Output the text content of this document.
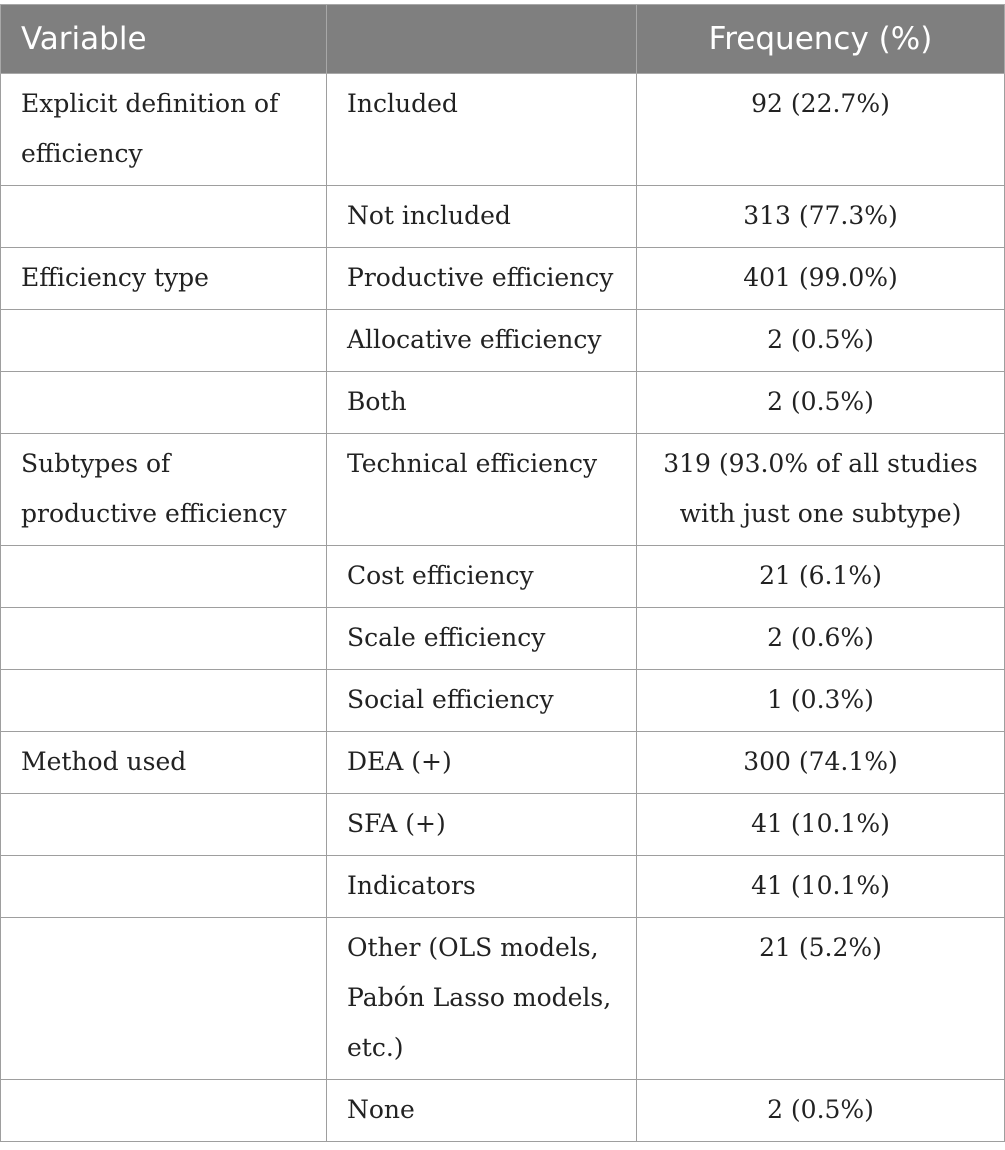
Variable		Frequency (%)
Explicit definition of efficiency	Included	92 (22.7%)
	Not included	313 (77.3%)
Efficiency type	Productive efficiency	401 (99.0%)
	Allocative efficiency	2 (0.5%)
	Both	2 (0.5%)
Subtypes of productive efficiency	Technical efficiency	319 (93.0% of all studies with just one subtype)
	Cost efficiency	21 (6.1%)
	Scale efficiency	2 (0.6%)
	Social efficiency	1 (0.3%)
Method used	DEA (+)	300 (74.1%)
	SFA (+)	41 (10.1%)
	Indicators	41 (10.1%)
	Other (OLS models, Pabón Lasso models, etc.)	21 (5.2%)
	None	2 (0.5%)
